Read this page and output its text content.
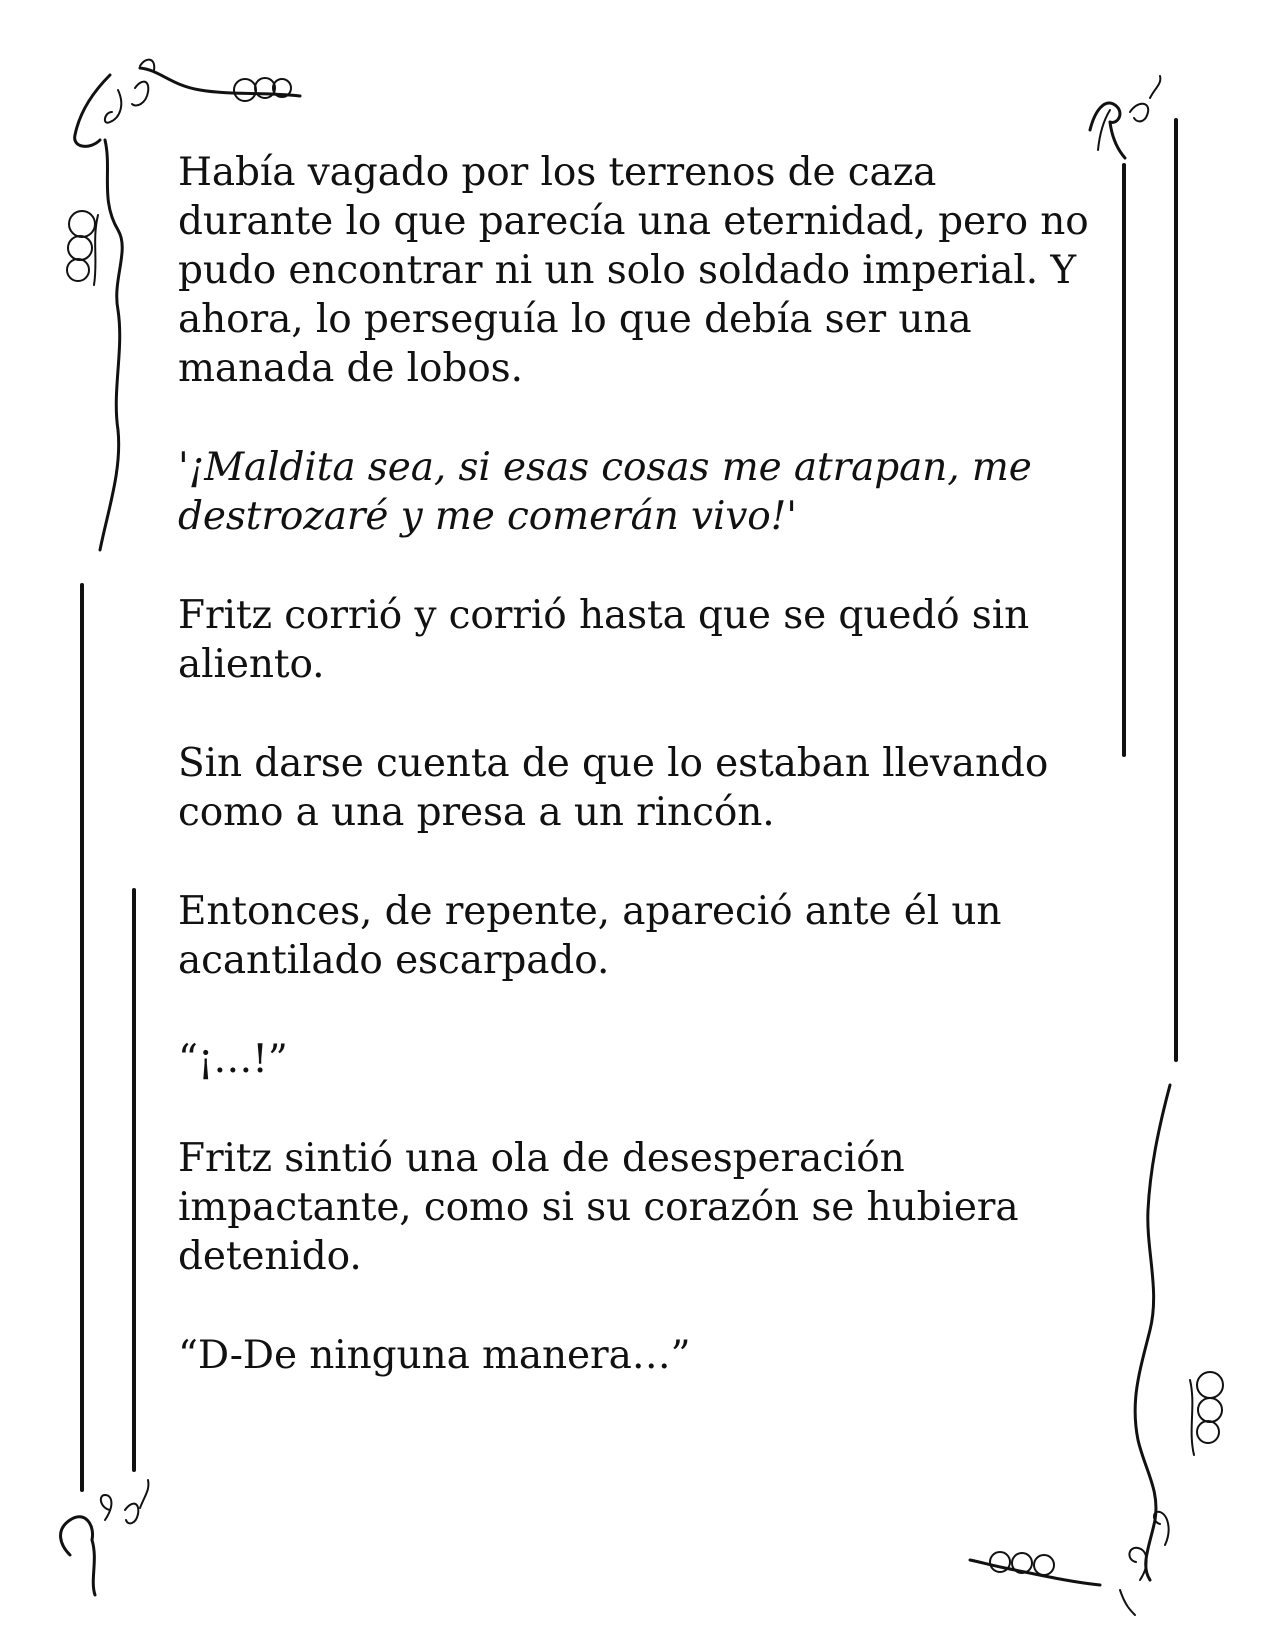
Había vagado por los terrenos de caza durante lo que parecía una eternidad, pero no pudo encontrar ni un solo soldado imperial. Y ahora, lo perseguía lo que debía ser una manada de lobos.

'¡Maldita sea, si esas cosas me atrapan, me destrozaré y me comerán vivo!'

Fritz corrió y corrió hasta que se quedó sin aliento.

Sin darse cuenta de que lo estaban llevando como a una presa a un rincón.

Entonces, de repente, apareció ante él un acantilado escarpado.

“¡…!”

Fritz sintió una ola de desesperación impactante, como si su corazón se hubiera detenido.

“D-De ninguna manera…”
